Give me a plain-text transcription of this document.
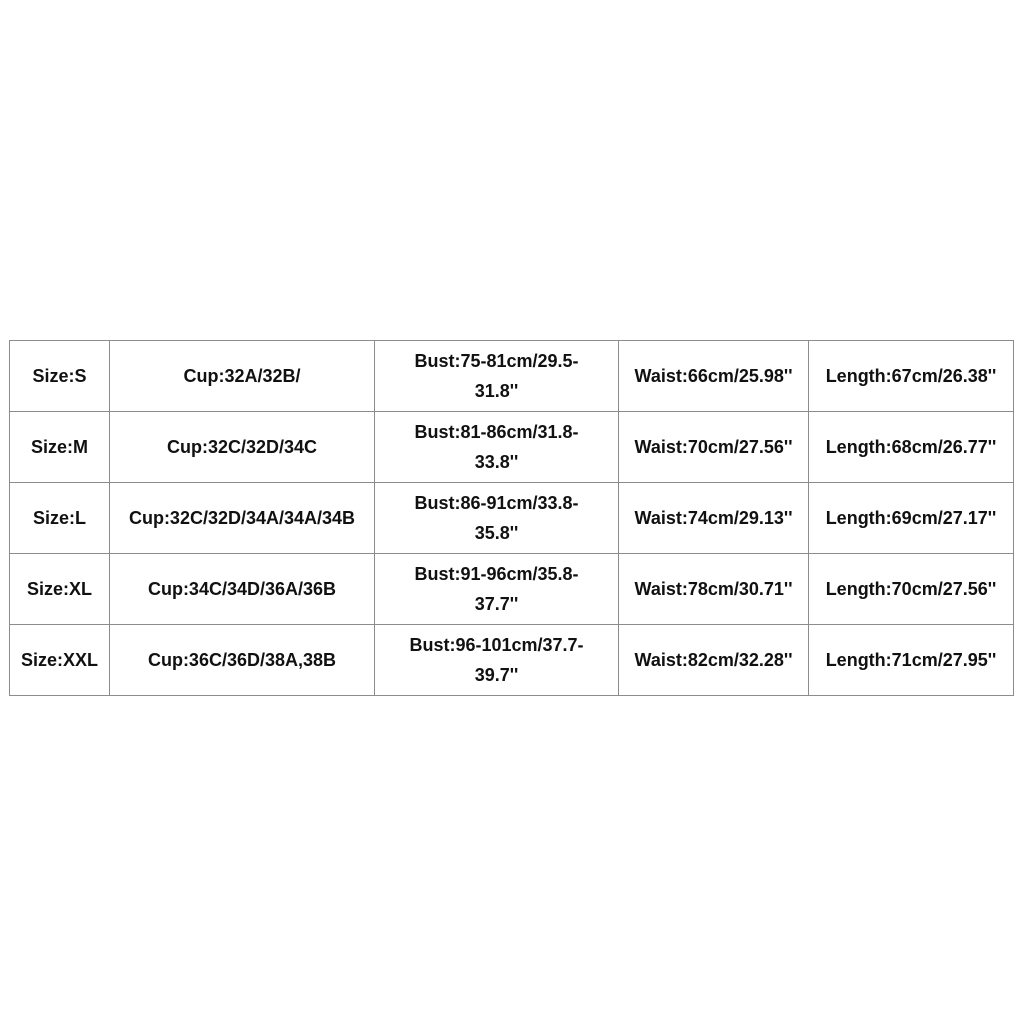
Size:S	Cup:32A/32B/	Bust:75-81cm/29.5-
31.8''	Waist:66cm/25.98''	Length:67cm/26.38''
Size:M	Cup:32C/32D/34C	Bust:81-86cm/31.8-
33.8''	Waist:70cm/27.56''	Length:68cm/26.77''
Size:L	Cup:32C/32D/34A/34A/34B	Bust:86-91cm/33.8-
35.8''	Waist:74cm/29.13''	Length:69cm/27.17''
Size:XL	Cup:34C/34D/36A/36B	Bust:91-96cm/35.8-
37.7''	Waist:78cm/30.71''	Length:70cm/27.56''
Size:XXL	Cup:36C/36D/38A,38B	Bust:96-101cm/37.7-
39.7''	Waist:82cm/32.28''	Length:71cm/27.95''
